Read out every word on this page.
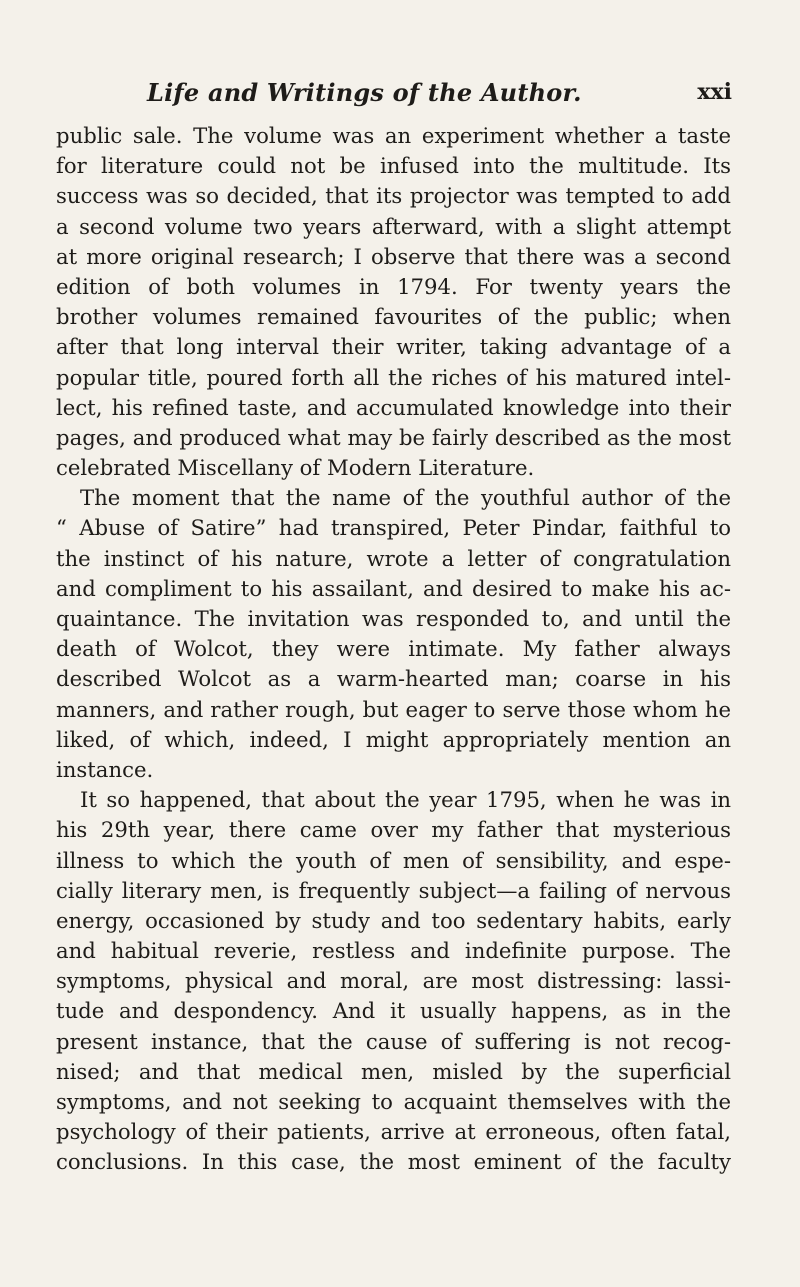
Life and Writings of the Author.	xxi
public sale. The volume was an experiment whether a taste
for literature could not be infused into the multitude. Its
success was so decided, that its projector was tempted to add
a second volume two years afterward, with a slight attempt
at more original research; I observe that there was a second
edition of both volumes in 1794. For twenty years the
brother volumes remained favourites of the public; when
after that long interval their writer, taking advantage of a
popular title, poured forth all the riches of his matured intel-
lect, his refined taste, and accumulated knowledge into their
pages, and produced what may be fairly described as the most
celebrated Miscellany of Modern Literature.
The moment that the name of the youthful author of the
“ Abuse of Satire” had transpired, Peter Pindar, faithful to
the instinct of his nature, wrote a letter of congratulation
and compliment to his assailant, and desired to make his ac-
quaintance. The invitation was responded to, and until the
death of Wolcot, they were intimate. My father always
described Wolcot as a warm-hearted man; coarse in his
manners, and rather rough, but eager to serve those whom he
liked, of which, indeed, I might appropriately mention an
instance.
It so happened, that about the year 1795, when he was in
his 29th year, there came over my father that mysterious
illness to which the youth of men of sensibility, and espe-
cially literary men, is frequently subject—a failing of nervous
energy, occasioned by study and too sedentary habits, early
and habitual reverie, restless and indefinite purpose. The
symptoms, physical and moral, are most distressing: lassi-
tude and despondency. And it usually happens, as in the
present instance, that the cause of suffering is not recog-
nised; and that medical men, misled by the superficial
symptoms, and not seeking to acquaint themselves with the
psychology of their patients, arrive at erroneous, often fatal,
conclusions. In this case, the most eminent of the faculty
